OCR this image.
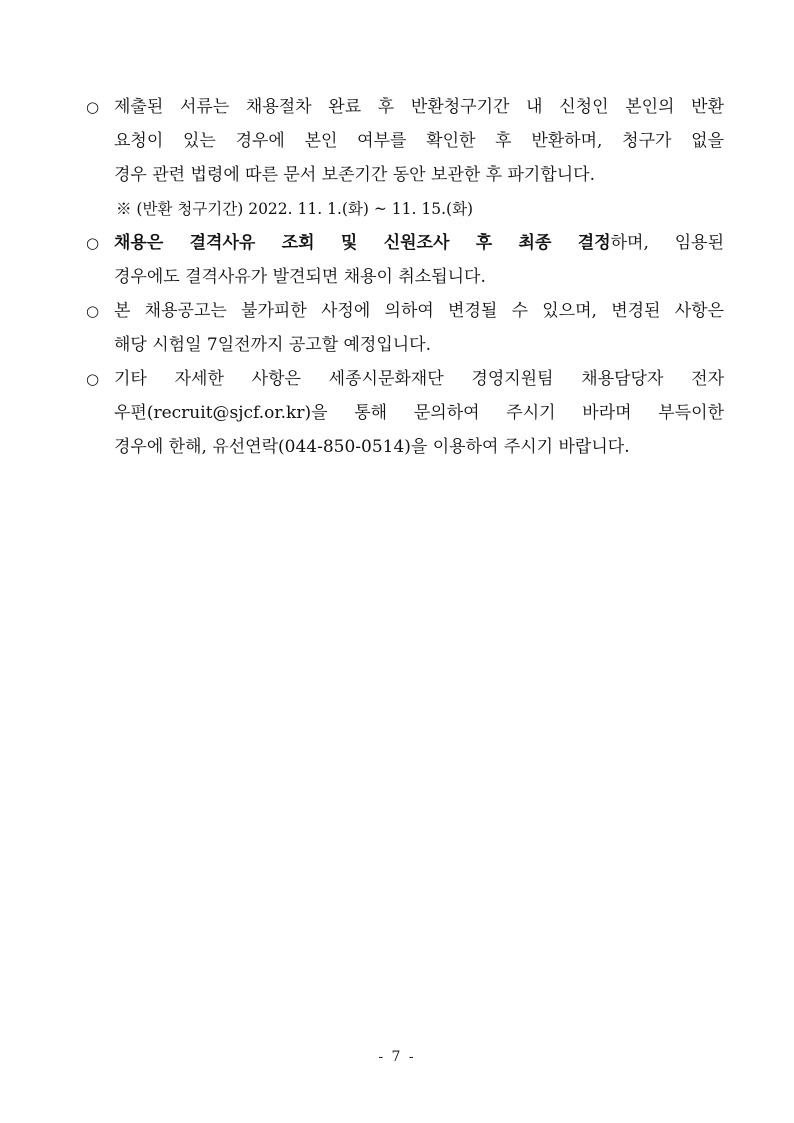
○ 제출된 서류는 채용절차 완료 후 반환청구기간 내 신청인 본인의 반환
요청이 있는 경우에 본인 여부를 확인한 후 반환하며, 청구가 없을
경우 관련 법령에 따른 문서 보존기간 동안 보관한 후 파기합니다.
※ (반환 청구기간) 2022. 11. 1.(화) ~ 11. 15.(화)
○ 채용은 결격사유 조회 및 신원조사 후 최종 결정하며, 임용된
경우에도 결격사유가 발견되면 채용이 취소됩니다.
○ 본 채용공고는 불가피한 사정에 의하여 변경될 수 있으며, 변경된 사항은
해당 시험일 7일전까지 공고할 예정입니다.
○ 기타 자세한 사항은 세종시문화재단 경영지원팀 채용담당자 전자
우편(recruit@sjcf.or.kr)을 통해 문의하여 주시기 바라며 부득이한
경우에 한해, 유선연락(044-850-0514)을 이용하여 주시기 바랍니다.
- 7 -
